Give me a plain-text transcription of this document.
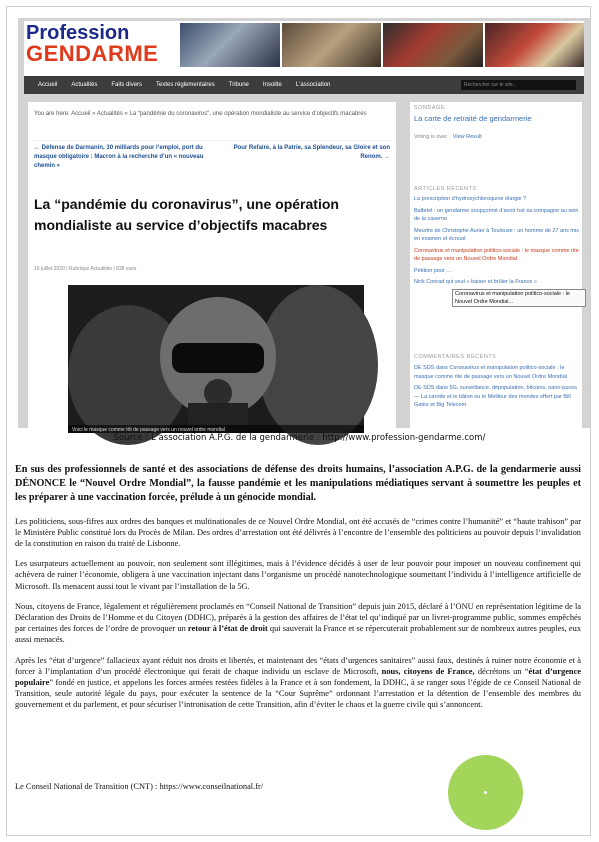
Profession
GENDARME
Accueil Actualités Faits divers Textes réglementaires Tribune Insolite L'association	Rechercher sur le site...
You are here: Accueil » Actualités » La “pandémie du coronavirus”, une opération mondialiste au service d’objectifs macabres
← Défense de Darmanin, 30 milliards pour l’emploi, port du masque obligatoire : Macron à la recherche d’un « nouveau chemin »
Pour Refaire, à la Patrie, sa Splendeur, sa Gloire et son Renom. →
La “pandémie du coronavirus”, une opération mondialiste au service d’objectifs macabres
16 juillet 2020 | Rubrique Actualités | 838 vues
Voici le masque comme tôt de passage vers un nouvel ordre mondial
SONDAGE
La carte de retraité de gendarmerie
Voting is over. View Result
ARTICLES RÉCENTS
La prescription d’hydroxychloroquine élargie ?
Balbriel : un gendarme soupçonné d’avoir tué sa compagne au sein de la caserne
Meurtre de Christophe Aurier à Toulouse : un homme de 27 ans mis en examen et écroué
Coronavirus et manipulation politico-sociale : le masque comme rite de passage vers un Nouvel Ordre Mondial
Pétition pour ...
Nick Conrad qui veut « baiser et brûler la France »
COMMENTAIRES RÉCENTS
DE SDS dans Coronavirus et manipulation politico-sociale : le masque comme rite de passage vers un Nouvel Ordre Mondial
DE SDS dans 5G, surveillance, dépopulation, bitcoins, nano-puces — La carotte et le bâton ou le Meilleur des mondes offert par Bill Gates et Big Telecom
Coronavirus et manipulation politico-sociale : le Nouvel Ordre Mondial...
Source : L’association A.P.G. de la gendarmerie : http://www.profession-gendarme.com/

En sus des professionnels de santé et des associations de défense des droits humains, l’association A.P.G. de la gendarmerie aussi DÉNONCE le “Nouvel Ordre Mondial”, la fausse pandémie et les manipulations médiatiques servant à soumettre les peuples et les préparer à une vaccination forcée, prélude à un génocide mondial.

Les politiciens, sous-fifres aux ordres des banques et multinationales de ce Nouvel Ordre Mondial, ont été accusés de “crimes contre l’humanité” et “haute trahison” par le Ministère Public constitué lors du Procès de Milan. Des ordres d’arrestation ont été délivrés à l’encontre de l’ensemble des politiciens au pouvoir depuis l’invalidation de la constitution en raison du traité de Lisbonne.

Les usurpateurs actuellement au pouvoir, non seulement sont illégitimes, mais à l’évidence décidés à user de leur pouvoir pour imposer un nouveau confinement qui achèvera de ruiner l’économie, obligera à une vaccination injectant dans l’organisme un procédé nanotechnologique soumettant l’individu à l’intelligence artificielle de Microsoft. Ils menacent aussi tout le vivant par l’installation de la 5G.

Nous, citoyens de France, légalement et régulièrement proclamés en “Conseil National de Transition” depuis juin 2015, déclaré à l’ONU en représentation légitime de la Déclaration des Droits de l’Homme et du Citoyen (DDHC), préparés à la gestion des affaires de l’état tel qu’indiqué par un livret-programme public, sommes empêchés par certaines des forces de l’ordre de provoquer un retour à l’état de droit qui sauverait la France et se répercuterait probablement sur de nombreux autres peuples, eux aussi menacés.

Après les “état d’urgence” fallacieux ayant réduit nos droits et libertés, et maintenant des “états d’urgences sanitaires” aussi faux, destinés à ruiner notre économie et à forcer à l’implantation d’un procédé électronique qui ferait de chaque individu un esclave de Microsoft, nous, citoyens de France, décrétons un “état d’urgence populaire” fondé en justice, et appelons les forces armées restées fidèles à la France et à son fondement, la DDHC, à se ranger sous l’égide de ce Conseil National de Transition, seule autorité légale du pays, pour exécuter la sentence de la “Cour Suprême” ordonnant l’arrestation et la détention de l’ensemble des membres du gouvernement et du parlement, et pour sécuriser l’intronisation de cette Transition, afin d’éviter le chaos et la guerre civile qui s’annoncent.

Le Conseil National de Transition (CNT) : https://www.conseilnational.fr/
